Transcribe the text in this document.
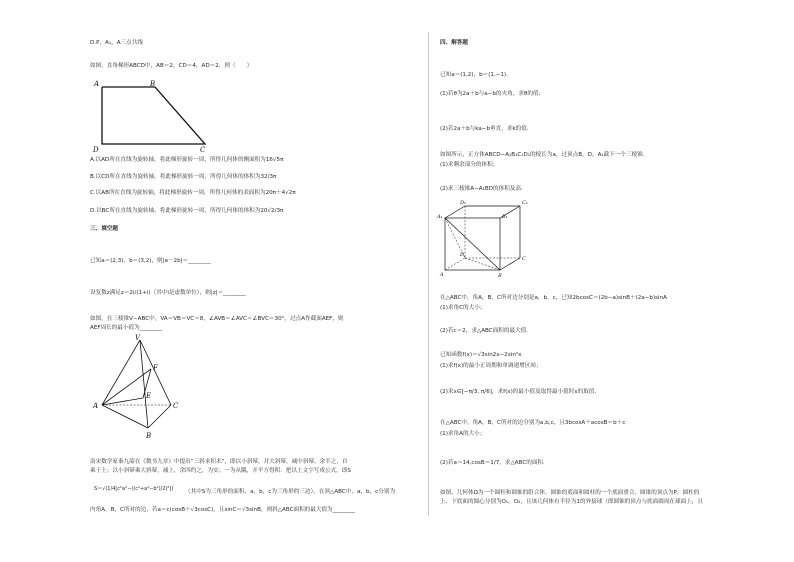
D.P，A₁，A三点共线
如图，直角梯形ABCD中，AB＝2，CD＝4，AD＝2．则（　　）
A	B
D	C
A.以AD所在直线为旋转轴，将此梯形旋转一周，所得几何体的侧面积为16√5π
B.以CD所在直线为旋转轴，将此梯形旋转一周，所得几何体的体积为32/3π
C.以AB所在直线为旋转轴，将此梯形旋转一周，所得几何体的表面积为20π＋4√2π
D.以BC所在直线为旋转轴，将此梯形旋转一周，所得几何体的体积为20√2/3π
三、填空题
已知a＝(2,3)，b＝(3,2)，则|a－2b|＝________
设复数z满足z＝2i/(1+i)（其中i是虚数单位），则|z|＝________
如图，在三棱锥V−ABC中，VA＝VB＝VC＝8，∠AVB＝∠AVC＝∠BVC＝30°，过点A作截面AEF，则
AEF周长的最小值为________
V
F
E
A	C
B
南宋数学家秦九韶在《数书九章》中提出“三斜求积术”，即以小斜幂，并大斜幂，减中斜幂，余半之，自
乘于上；以小斜幂乘大斜幂，减上，余四约之，为实；一为从隅，开平方得积．把以上文字写成公式，即S
S＝√(1/4[c²a²−((c²+a²−b²)/2)²]) （其中S为三角形的面积，a，b，c为三角形的三边），在斜△ABC中，a，b，c分别为
内角A，B，C所对的边，若a＝c(cosB＋√3cosC)，且sinC＝√3sinB，则斜△ABC面积的最大值为________
四、解答题
已知a＝(1,2)，b＝(1,−1)．
(1)若θ为2a＋b与a−b的夹角，求θ的值；
(2)若2a＋b与ka−b垂直，求k的值．
如图所示，正方体ABCD−A₁B₁C₁D₁的棱长为a，过顶点B，D，A₁截下一个三棱锥．
(1)求剩余部分的体积；
(2)求三棱锥A−A₁BD的体积及高．
D₁	C₁
A₁	B₁
D
C
A	B
在△ABC中，角A，B，C所对边分别是a，b，c，已知2bcosC＝(2b−a)sinB＋(2a−b)sinA
(1)求角C的大小；
(2)若c＝2，求△ABC面积的最大值．
已知函数f(x)＝√3sin2x−2sin²x
(1)求f(x)的最小正周期和单调递增区间；
(2)求x∈[−π/3, π/6]，求f(x)的最小值及取得最小值时x的取值．
在△ABC中，角A，B，C所对的边分别为a,b,c，且3bcosA＋acosB＝b＋c
(1)求角A的大小；
(2)若a＝14,cosB＝1/7，求△ABC的面积．
如图，几何体Ω为一个圆柱和圆锥的组合体，圆锥的底面和圆柱的一个底面重合，圆锥的顶点为P，圆柱的
上、下底面的圆心分别为O₁，O₂，且该几何体有半径为1的外接球（即圆锥的顶点与底面圆周在球面上，且
